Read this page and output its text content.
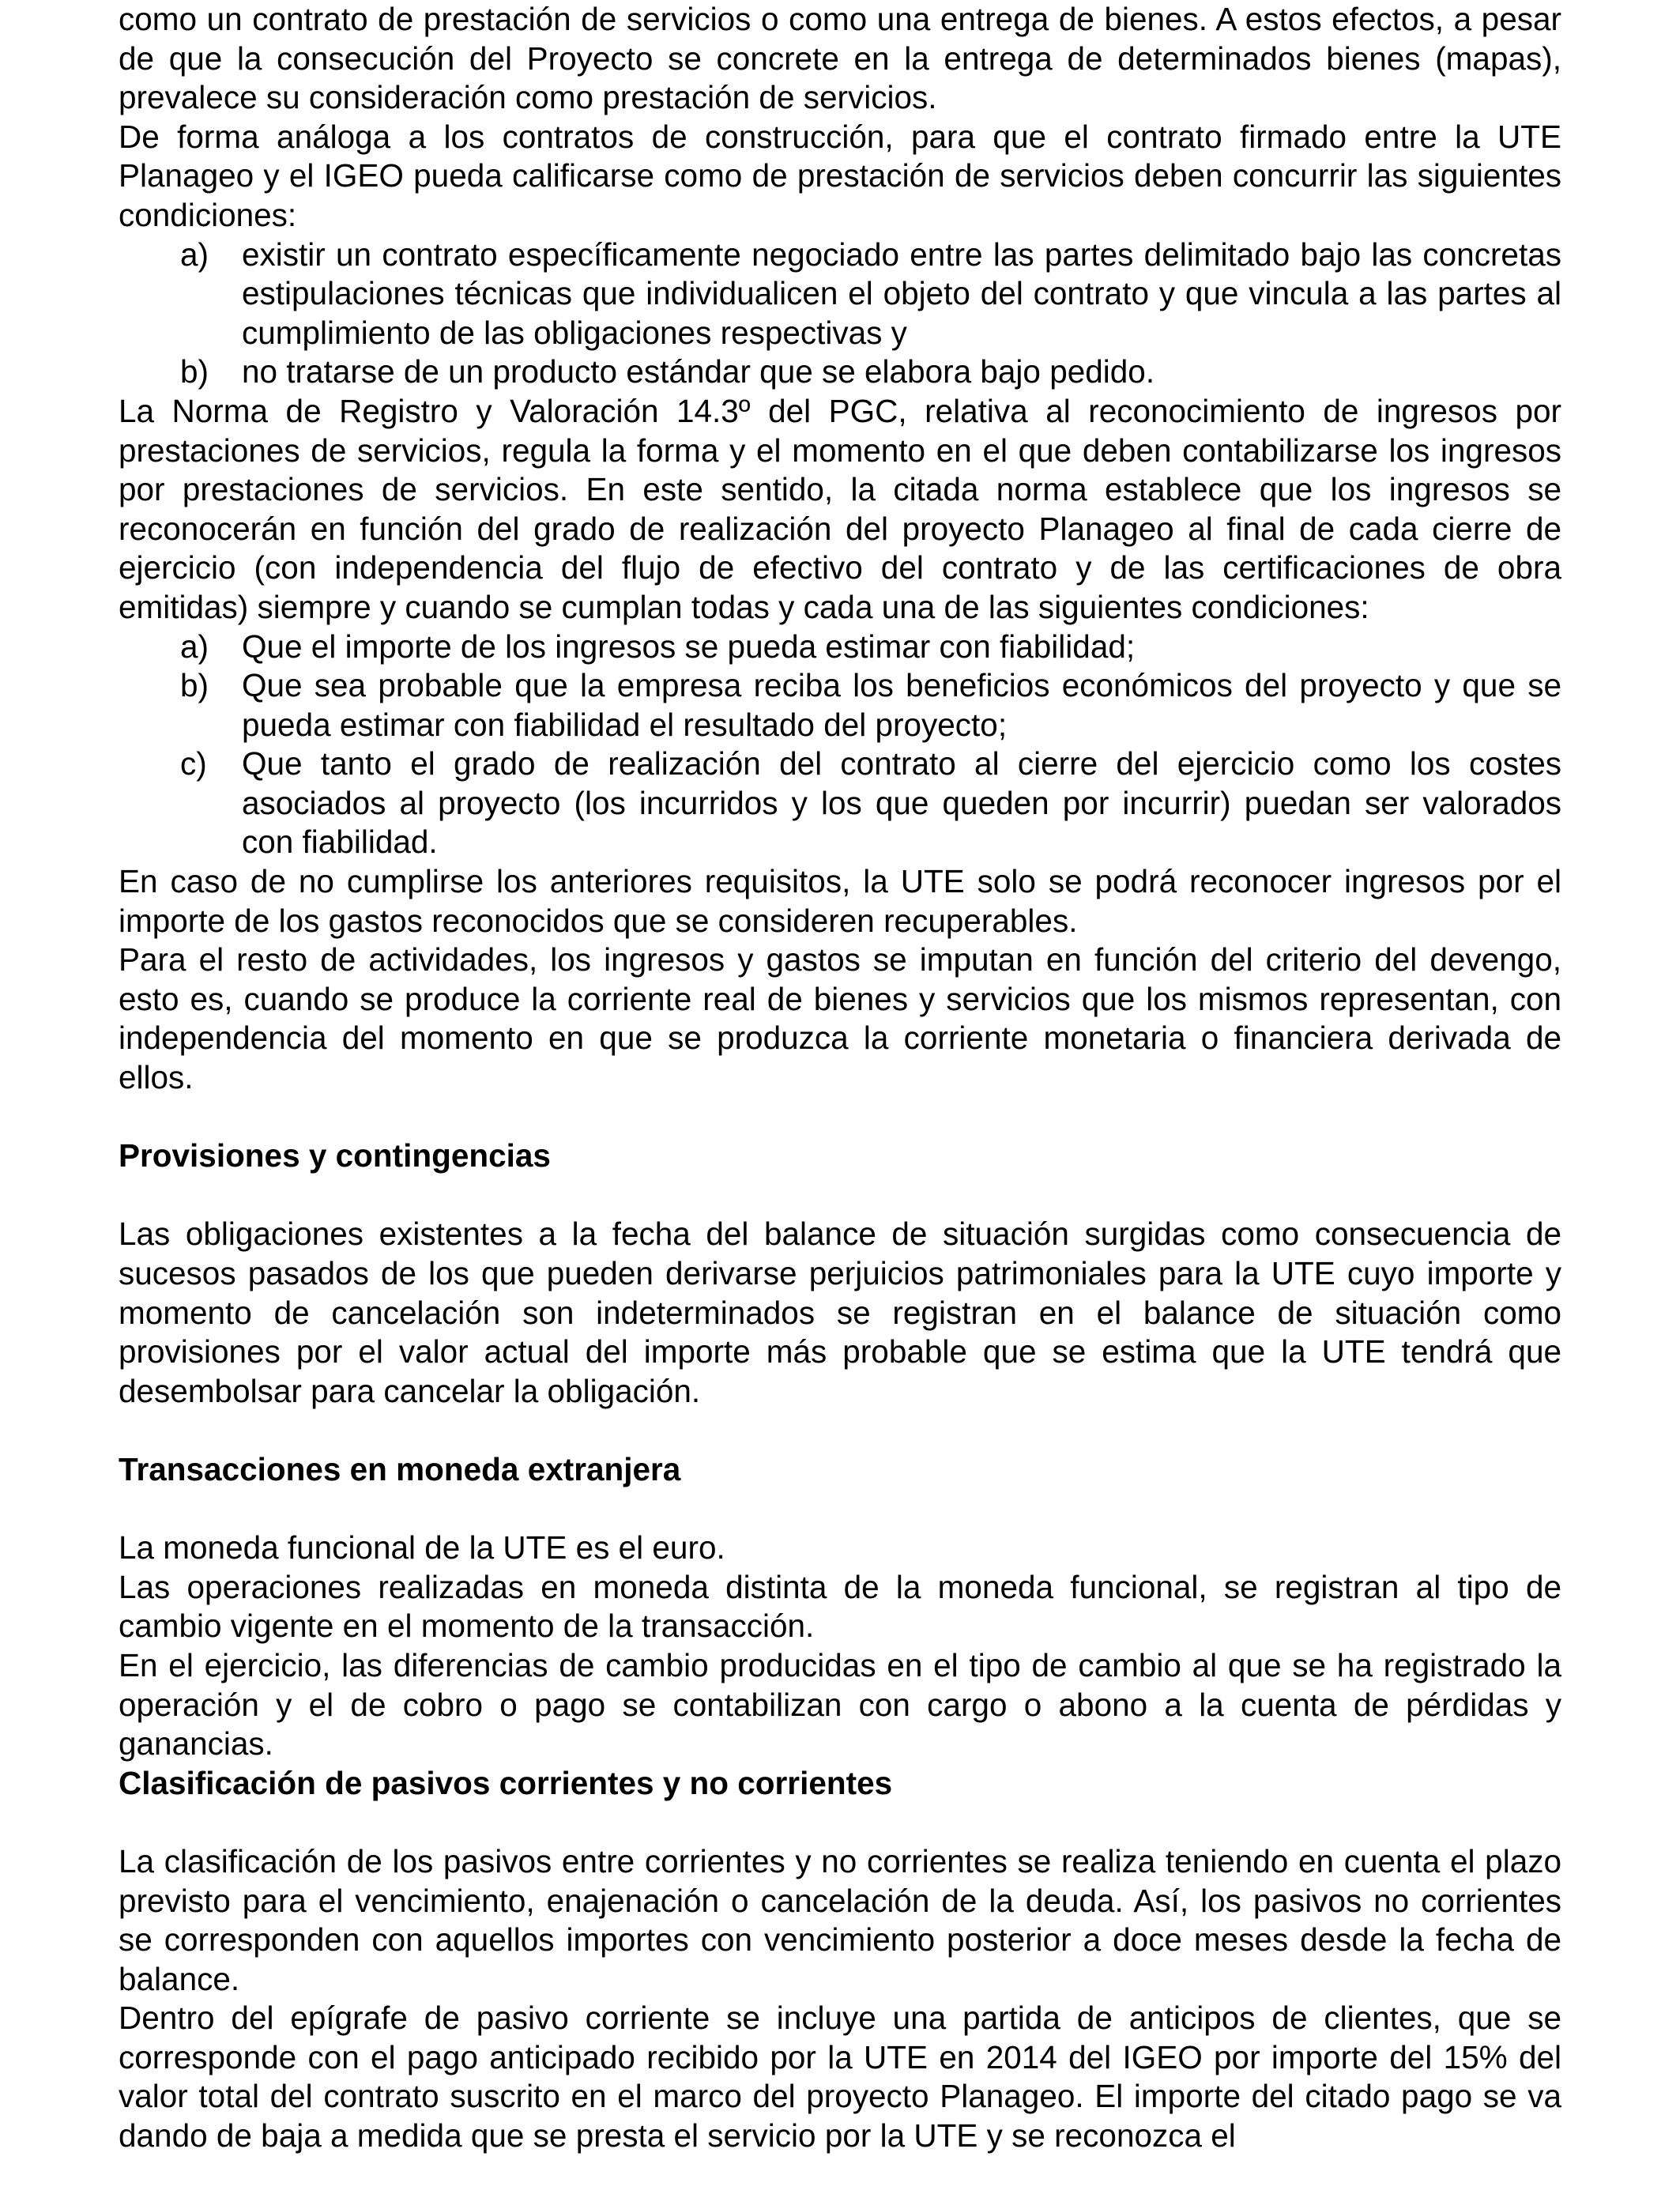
como un contrato de prestación de servicios o como una entrega de bienes. A estos efectos, a pesar de que la consecución del Proyecto se concrete en la entrega de determinados bienes (mapas), prevalece su consideración como prestación de servicios.

De forma análoga a los contratos de construcción, para que el contrato firmado entre la UTE Planageo y el IGEO pueda calificarse como de prestación de servicios deben concurrir las siguientes condiciones:

a) existir un contrato específicamente negociado entre las partes delimitado bajo las concretas estipulaciones técnicas que individualicen el objeto del contrato y que vincula a las partes al cumplimiento de las obligaciones respectivas y
b) no tratarse de un producto estándar que se elabora bajo pedido.

La Norma de Registro y Valoración 14.3º del PGC, relativa al reconocimiento de ingresos por prestaciones de servicios, regula la forma y el momento en el que deben contabilizarse los ingresos por prestaciones de servicios. En este sentido, la citada norma establece que los ingresos se reconocerán en función del grado de realización del proyecto Planageo al final de cada cierre de ejercicio (con independencia del flujo de efectivo del contrato y de las certificaciones de obra emitidas) siempre y cuando se cumplan todas y cada una de las siguientes condiciones:

a) Que el importe de los ingresos se pueda estimar con fiabilidad;
b) Que sea probable que la empresa reciba los beneficios económicos del proyecto y que se pueda estimar con fiabilidad el resultado del proyecto;
c) Que tanto el grado de realización del contrato al cierre del ejercicio como los costes asociados al proyecto (los incurridos y los que queden por incurrir) puedan ser valorados con fiabilidad.

En caso de no cumplirse los anteriores requisitos, la UTE solo se podrá reconocer ingresos por el importe de los gastos reconocidos que se consideren recuperables.

Para el resto de actividades, los ingresos y gastos se imputan en función del criterio del devengo, esto es, cuando se produce la corriente real de bienes y servicios que los mismos representan, con independencia del momento en que se produzca la corriente monetaria o financiera derivada de ellos.

Provisiones y contingencias

Las obligaciones existentes a la fecha del balance de situación surgidas como consecuencia de sucesos pasados de los que pueden derivarse perjuicios patrimoniales para la UTE cuyo importe y momento de cancelación son indeterminados se registran en el balance de situación como provisiones por el valor actual del importe más probable que se estima que la UTE tendrá que desembolsar para cancelar la obligación.

Transacciones en moneda extranjera

La moneda funcional de la UTE es el euro.

Las operaciones realizadas en moneda distinta de la moneda funcional, se registran al tipo de cambio vigente en el momento de la transacción.

En el ejercicio, las diferencias de cambio producidas en el tipo de cambio al que se ha registrado la operación y el de cobro o pago se contabilizan con cargo o abono a la cuenta de pérdidas y ganancias.

Clasificación de pasivos corrientes y no corrientes

La clasificación de los pasivos entre corrientes y no corrientes se realiza teniendo en cuenta el plazo previsto para el vencimiento, enajenación o cancelación de la deuda. Así, los pasivos no corrientes se corresponden con aquellos importes con vencimiento posterior a doce meses desde la fecha de balance.

Dentro del epígrafe de pasivo corriente se incluye una partida de anticipos de clientes, que se corresponde con el pago anticipado recibido por la UTE en 2014 del IGEO por importe del 15% del valor total del contrato suscrito en el marco del proyecto Planageo. El importe del citado pago se va dando de baja a medida que se presta el servicio por la UTE y se reconozca el
